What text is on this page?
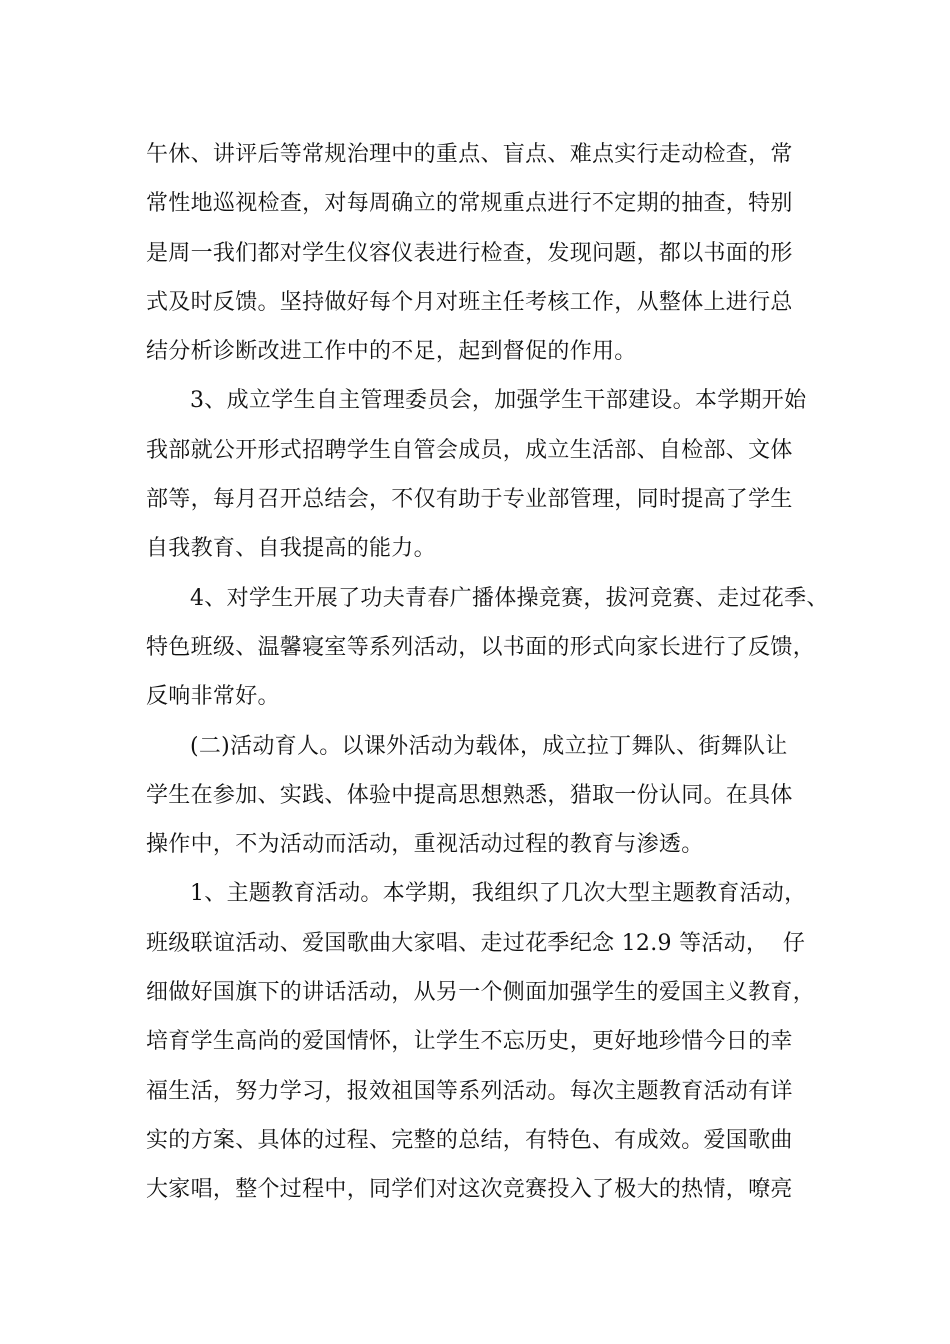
午休、讲评后等常规治理中的重点、盲点、难点实行走动检查，常
常性地巡视检查，对每周确立的常规重点进行不定期的抽查，特别
是周一我们都对学生仪容仪表进行检查，发现问题，都以书面的形
式及时反馈。坚持做好每个月对班主任考核工作，从整体上进行总
结分析诊断改进工作中的不足，起到督促的作用。
3、成立学生自主管理委员会，加强学生干部建设。本学期开始
我部就公开形式招聘学生自管会成员，成立生活部、自检部、文体
部等，每月召开总结会，不仅有助于专业部管理，同时提高了学生
自我教育、自我提高的能力。
4、对学生开展了功夫青春广播体操竞赛，拔河竞赛、走过花季、
特色班级、温馨寝室等系列活动，以书面的形式向家长进行了反馈，
反响非常好。
(二)活动育人。以课外活动为载体，成立拉丁舞队、街舞队让
学生在参加、实践、体验中提高思想熟悉，猎取一份认同。在具体
操作中，不为活动而活动，重视活动过程的教育与渗透。
1、主题教育活动。本学期，我组织了几次大型主题教育活动，
班级联谊活动、爱国歌曲大家唱、走过花季纪念 12.9 等活动，  仔
细做好国旗下的讲话活动，从另一个侧面加强学生的爱国主义教育，
培育学生高尚的爱国情怀，让学生不忘历史，更好地珍惜今日的幸
福生活，努力学习，报效祖国等系列活动。每次主题教育活动有详
实的方案、具体的过程、完整的总结，有特色、有成效。爱国歌曲
大家唱，整个过程中，同学们对这次竞赛投入了极大的热情，嘹亮
